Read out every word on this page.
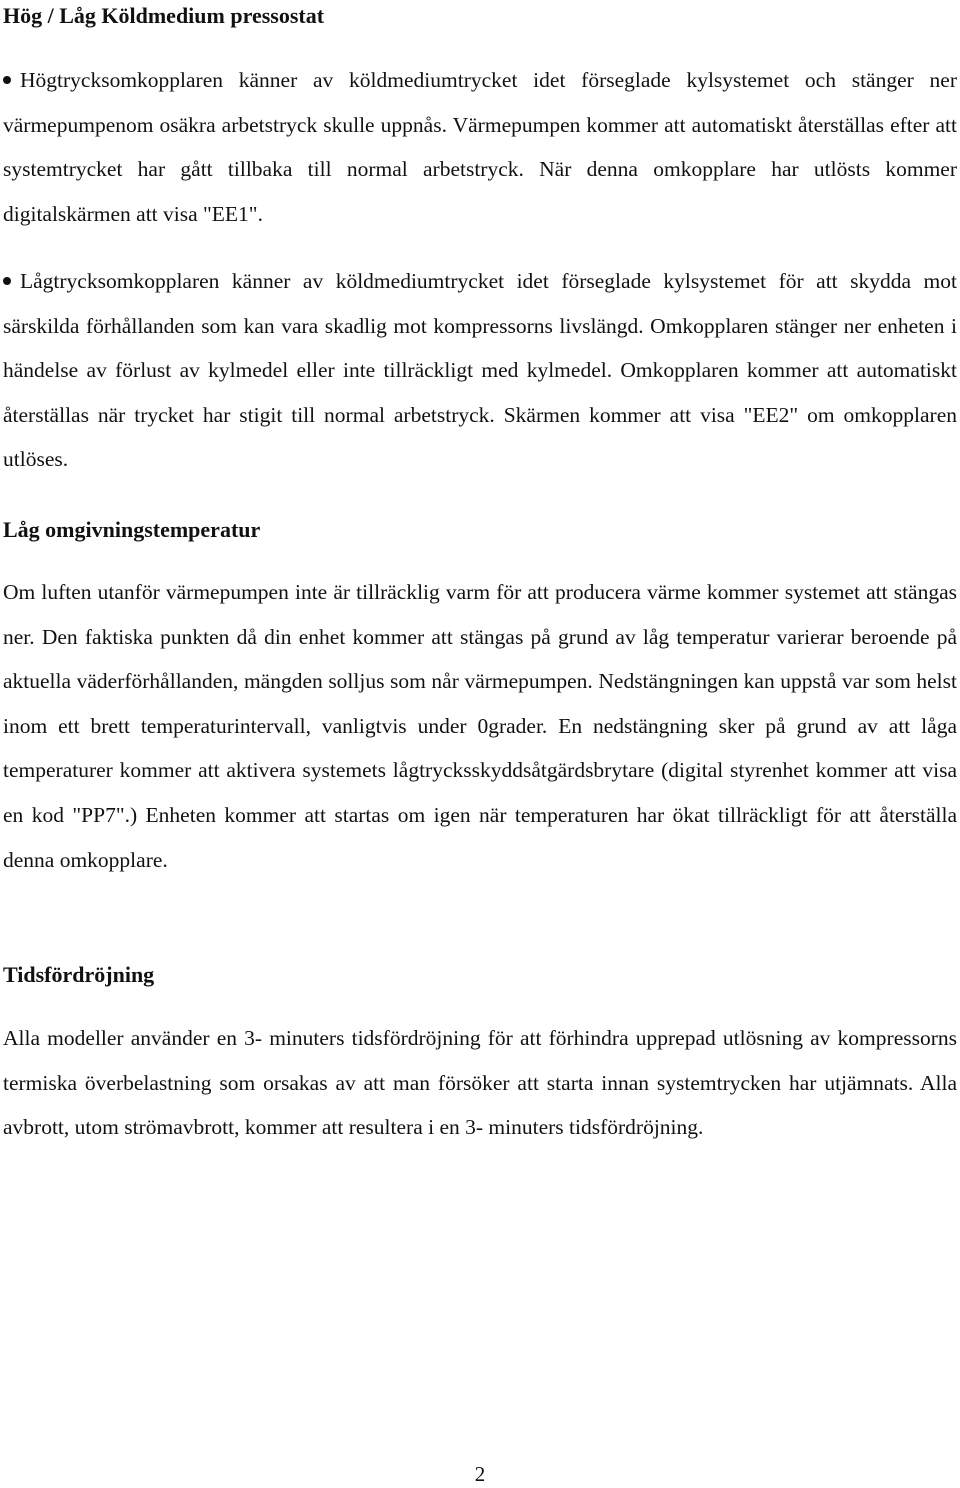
Hög / Låg Köldmedium pressostat

Högtrycksomkopplaren känner av köldmediumtrycket idet förseglade kylsystemet och stänger ner värmepumpenom osäkra arbetstryck skulle uppnås. Värmepumpen kommer att automatiskt återställas efter att systemtrycket har gått tillbaka till normal arbetstryck. När denna omkopplare har utlösts kommer digitalskärmen att visa "EE1".

Lågtrycksomkopplaren känner av köldmediumtrycket idet förseglade kylsystemet för att skydda mot särskilda förhållanden som kan vara skadlig mot kompressorns livslängd. Omkopplaren stänger ner enheten i händelse av förlust av kylmedel eller inte tillräckligt med kylmedel. Omkopplaren kommer att automatiskt återställas när trycket har stigit till normal arbetstryck. Skärmen kommer att visa "EE2" om omkopplaren utlöses.

Låg omgivningstemperatur

Om luften utanför värmepumpen inte är tillräcklig varm för att producera värme kommer systemet att stängas ner. Den faktiska punkten då din enhet kommer att stängas på grund av låg temperatur varierar beroende på aktuella väderförhållanden, mängden solljus som når värmepumpen. Nedstängningen kan uppstå var som helst inom ett brett temperaturintervall, vanligtvis under 0grader. En nedstängning sker på grund av att låga temperaturer kommer att aktivera systemets lågtrycksskyddsåtgärdsbrytare (digital styrenhet kommer att visa en kod "PP7".) Enheten kommer att startas om igen när temperaturen har ökat tillräckligt för att återställa denna omkopplare.

Tidsfördröjning

Alla modeller använder en 3- minuters tidsfördröjning för att förhindra upprepad utlösning av kompressorns termiska överbelastning som orsakas av att man försöker att starta innan systemtrycken har utjämnats. Alla avbrott, utom strömavbrott, kommer att resultera i en 3- minuters tidsfördröjning.

2
